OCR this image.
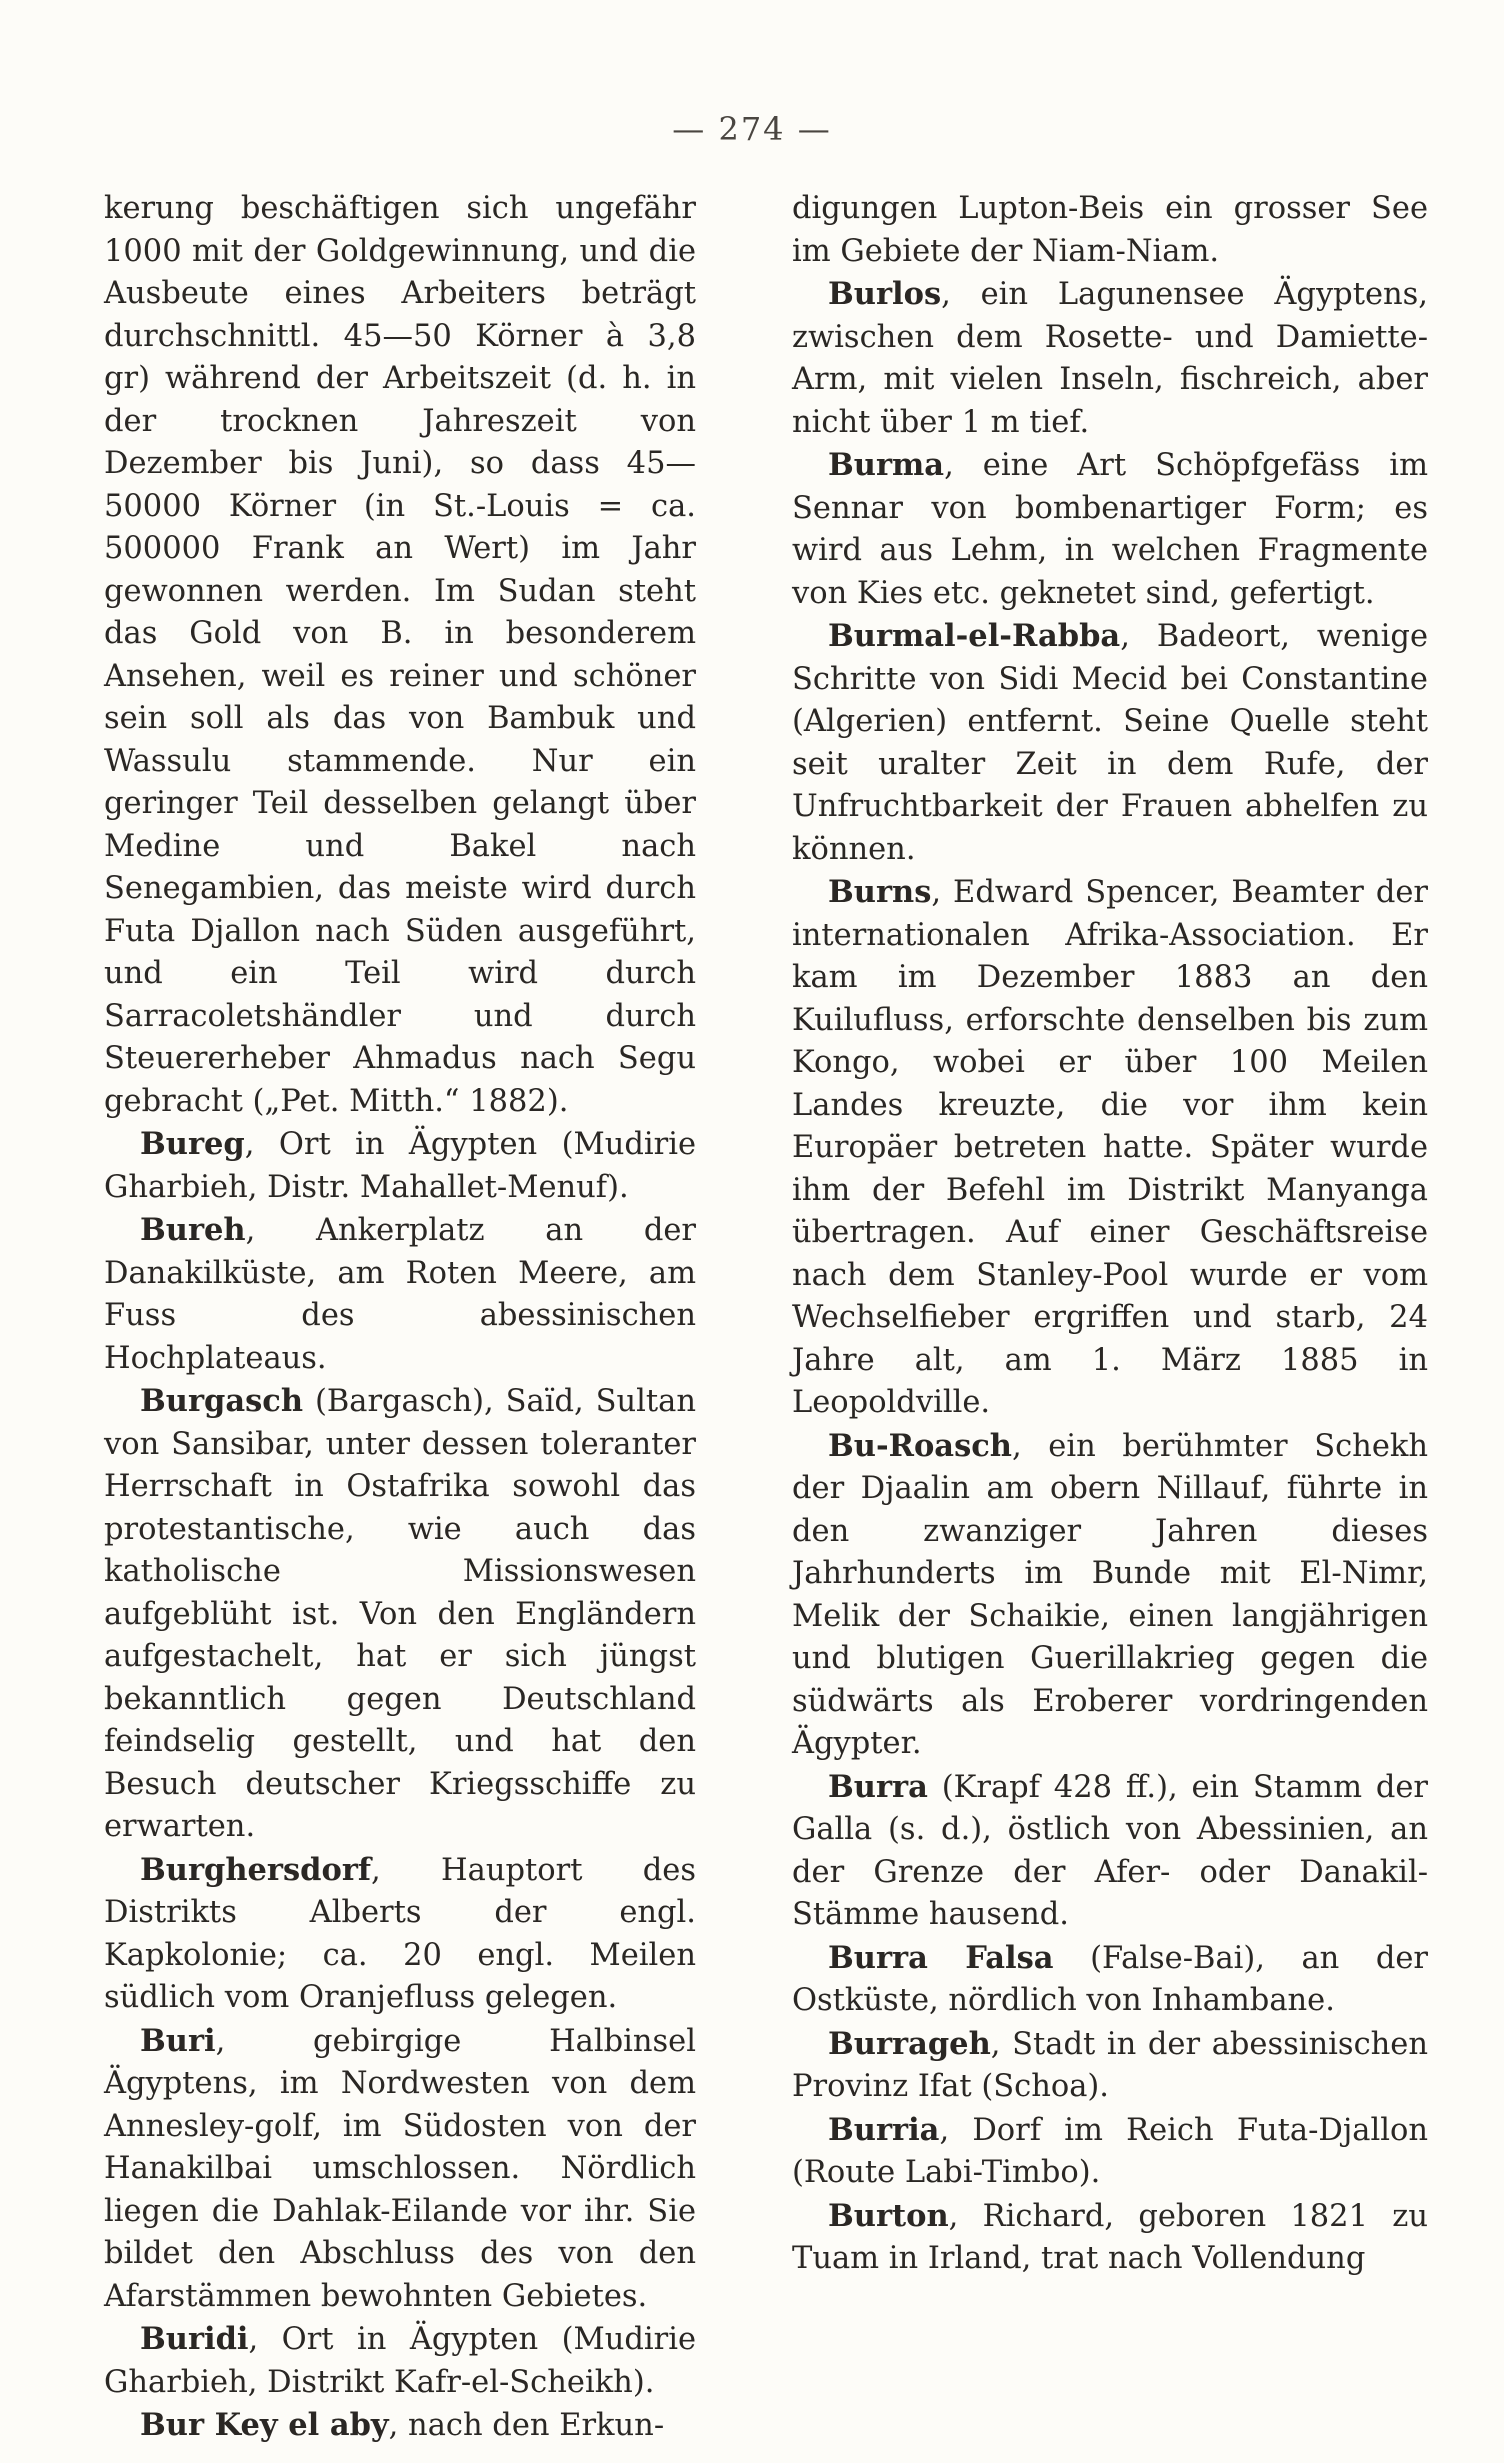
— 274 —

kerung beschäftigen sich ungefähr 1000 mit der Goldgewinnung, und die Ausbeute eines Arbeiters beträgt durchschnittl. 45—50 Körner à 3,8 gr) während der Arbeitszeit (d. h. in der trocknen Jahreszeit von Dezember bis Juni), so dass 45—50000 Körner (in St.-Louis = ca. 500000 Frank an Wert) im Jahr gewonnen werden. Im Sudan steht das Gold von B. in besonderem Ansehen, weil es reiner und schöner sein soll als das von Bambuk und Wassulu stammende. Nur ein geringer Teil desselben gelangt über Medine und Bakel nach Senegambien, das meiste wird durch Futa Djallon nach Süden ausgeführt, und ein Teil wird durch Sarracoletshändler und durch Steuererheber Ahmadus nach Segu gebracht („Pet. Mitth.“ 1882).

Bureg, Ort in Ägypten (Mudirie Gharbieh, Distr. Mahallet-Menuf).

Bureh, Ankerplatz an der Danakilküste, am Roten Meere, am Fuss des abessinischen Hochplateaus.

Burgasch (Bargasch), Saïd, Sultan von Sansibar, unter dessen toleranter Herrschaft in Ostafrika sowohl das protestantische, wie auch das katholische Missionswesen aufgeblüht ist. Von den Engländern aufgestachelt, hat er sich jüngst bekanntlich gegen Deutschland feindselig gestellt, und hat den Besuch deutscher Kriegsschiffe zu erwarten.

Burghersdorf, Hauptort des Distrikts Alberts der engl. Kapkolonie; ca. 20 engl. Meilen südlich vom Oranjefluss gelegen.

Buri, gebirgige Halbinsel Ägyptens, im Nordwesten von dem Anneslеy-golf, im Südosten von der Hanakilbai umschlossen. Nördlich liegen die Dahlak-Eilande vor ihr. Sie bildet den Abschluss des von den Afarstämmen bewohnten Gebietes.

Buridi, Ort in Ägypten (Mudirie Gharbieh, Distrikt Kafr-el-Scheikh).

Bur Key el aby, nach den Erkun-

digungen Lupton-Beis ein grosser See im Gebiete der Niam-Niam.

Burlos, ein Lagunensee Ägyptens, zwischen dem Rosette- und Damiette-Arm, mit vielen Inseln, fischreich, aber nicht über 1 m tief.

Burma, eine Art Schöpfgefäss im Sennar von bombenartiger Form; es wird aus Lehm, in welchen Fragmente von Kies etc. geknetet sind, gefertigt.

Burmal-el-Rabba, Badeort, wenige Schritte von Sidi Mecid bei Constantine (Algerien) entfernt. Seine Quelle steht seit uralter Zeit in dem Rufe, der Unfruchtbarkeit der Frauen abhelfen zu können.

Burns, Edward Spencer, Beamter der internationalen Afrika-Association. Er kam im Dezember 1883 an den Kuilufluss, erforschte denselben bis zum Kongo, wobei er über 100 Meilen Landes kreuzte, die vor ihm kein Europäer betreten hatte. Später wurde ihm der Befehl im Distrikt Manyanga übertragen. Auf einer Geschäftsreise nach dem Stanley-Pool wurde er vom Wechselfieber ergriffen und starb, 24 Jahre alt, am 1. März 1885 in Leopoldville.

Bu-Roasch, ein berühmter Schekh der Djaalin am obern Nillauf, führte in den zwanziger Jahren dieses Jahrhunderts im Bunde mit El-Nimr, Melik der Schaikie, einen langjährigen und blutigen Guerillakrieg gegen die südwärts als Eroberer vordringenden Ägypter.

Burra (Krapf 428 ff.), ein Stamm der Galla (s. d.), östlich von Abessinien, an der Grenze der Afer- oder Danakil-Stämme hausend.

Burra Falsa (False-Bai), an der Ostküste, nördlich von Inhambane.

Burrageh, Stadt in der abessinischen Provinz Ifat (Schoa).

Burria, Dorf im Reich Futa-Djallon (Route Labi-Timbo).

Burton, Richard, geboren 1821 zu Tuam in Irland, trat nach Vollendung
